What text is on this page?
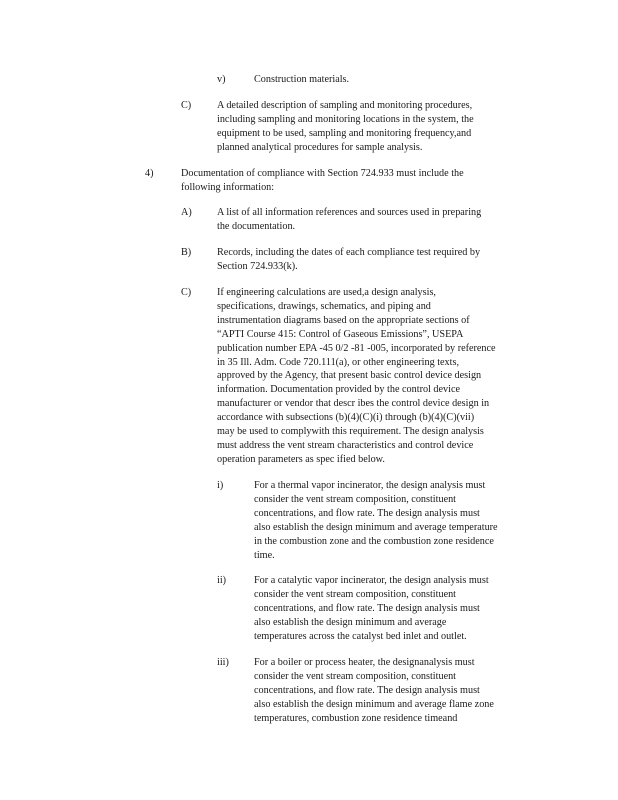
v)	Construction materials.
C)	A detailed description of sampling and monitoring procedures,
including sampling and monitoring locations in the system, the
equipment to be used, sampling and monitoring frequency,and
planned analytical procedures for sample analysis.
4)	Documentation of compliance with Section 724.933 must include the
following information:
A) A list of all information references and sources used in preparing
the documentation.
B)	Records, including the dates of each compliance test required by
Section 724.933(k).
C)	If engineering calculations are used,a design analysis,
specifications, drawings, schematics, and piping and
instrumentation diagrams based on the appropriate sections of
“APTI Course 415: Control of Gaseous Emissions”, USEPA
publication number EPA -45 0/2 -81 -005, incorporated by reference
in 35 Ill. Adm. Code 720.111(a), or other engineering texts,
approved by the Agency, that present basic control device design
information. Documentation provided by the control device
manufacturer or vendor that descr ibes the control device design in
accordance with subsections (b)(4)(C)(i) through (b)(4)(C)(vii)
may be used to complywith this requirement. The design analysis
must address the vent stream characteristics and control device
operation parameters as spec ified below.
i)	For a thermal vapor incinerator, the design analysis must
consider the vent stream composition, constituent
concentrations, and flow rate. The design analysis must
also establish the design minimum and average temperature
in the combustion zone and the combustion zone residence
time.
ii)	For a catalytic vapor incinerator, the design analysis must
consider the vent stream composition, constituent
concentrations, and flow rate. The design analysis must
also establish the design minimum and average
temperatures across the catalyst bed inlet and outlet.
iii) For a boiler or process heater, the designanalysis must
consider the vent stream composition, constituent
concentrations, and flow rate. The design analysis must
also establish the design minimum and average flame zone
temperatures, combustion zone residence timeand
